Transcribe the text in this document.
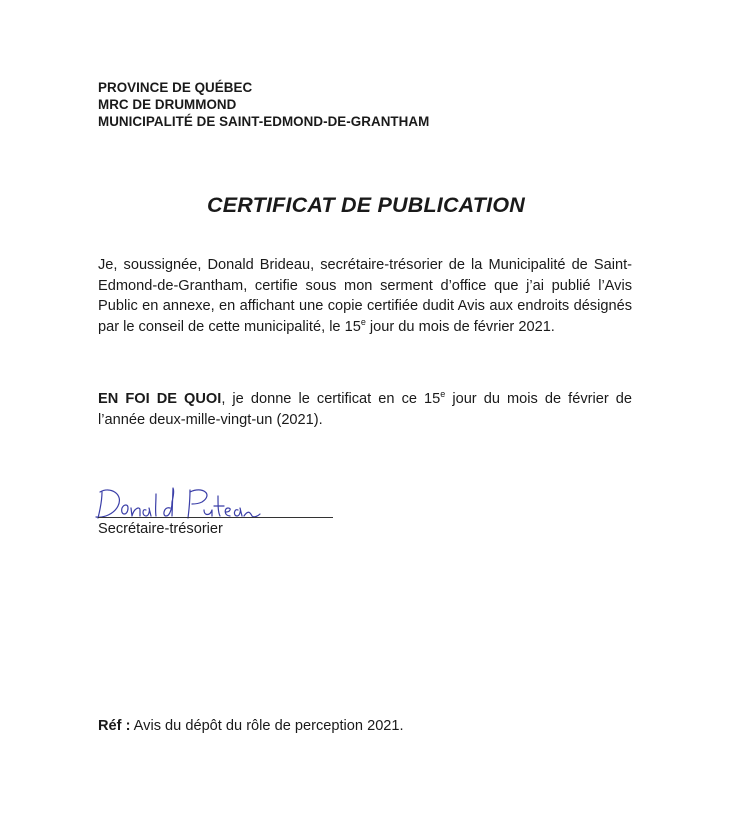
PROVINCE DE QUÉBEC
MRC DE DRUMMOND
MUNICIPALITÉ DE SAINT-EDMOND-DE-GRANTHAM
CERTIFICAT DE PUBLICATION
Je, soussignée, Donald Brideau, secrétaire-trésorier de la Municipalité de Saint-Edmond-de-Grantham, certifie sous mon serment d’office que j’ai publié l’Avis Public en annexe, en affichant une copie certifiée dudit Avis aux endroits désignés par le conseil de cette municipalité, le 15e jour du mois de février 2021.
EN FOI DE QUOI, je donne le certificat en ce 15e jour du mois de février de l’année deux-mille-vingt-un (2021).
Secrétaire-trésorier
Réf : Avis du dépôt du rôle de perception 2021.
